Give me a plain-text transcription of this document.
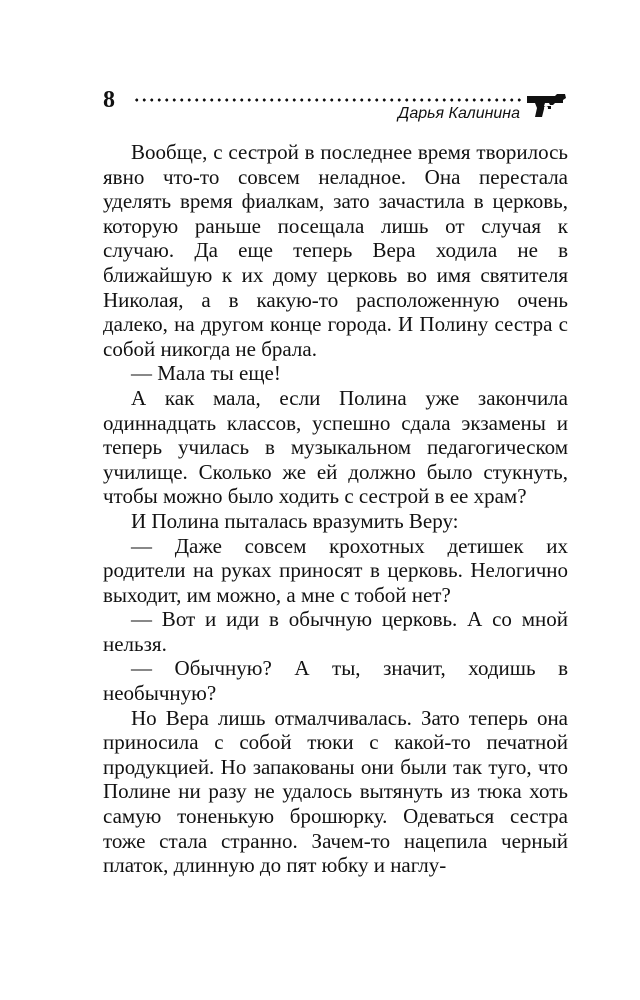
8
Дарья Калинина

Вообще, с сестрой в последнее время творилось явно что-то совсем неладное. Она перестала уделять время фиалкам, зато зачастила в церковь, которую раньше посещала лишь от случая к случаю. Да еще теперь Вера ходила не в ближайшую к их дому церковь во имя святителя Николая, а в какую-то расположенную очень далеко, на другом конце города. И Полину сестра с собой никогда не брала.

— Мала ты еще!

А как мала, если Полина уже закончила одиннадцать классов, успешно сдала экзамены и теперь училась в музыкальном педагогическом училище. Сколько же ей должно было стукнуть, чтобы можно было ходить с сестрой в ее храм?

И Полина пыталась вразумить Веру:

— Даже совсем крохотных детишек их родители на руках приносят в церковь. Нелогично выходит, им можно, а мне с тобой нет?

— Вот и иди в обычную церковь. А со мной нельзя.

— Обычную? А ты, значит, ходишь в необычную?

Но Вера лишь отмалчивалась. Зато теперь она приносила с собой тюки с какой-то печатной продукцией. Но запакованы они были так туго, что Полине ни разу не удалось вытянуть из тюка хоть самую тоненькую брошюрку. Одеваться сестра тоже стала странно. Зачем-то нацепила черный платок, длинную до пят юбку и наглу-
